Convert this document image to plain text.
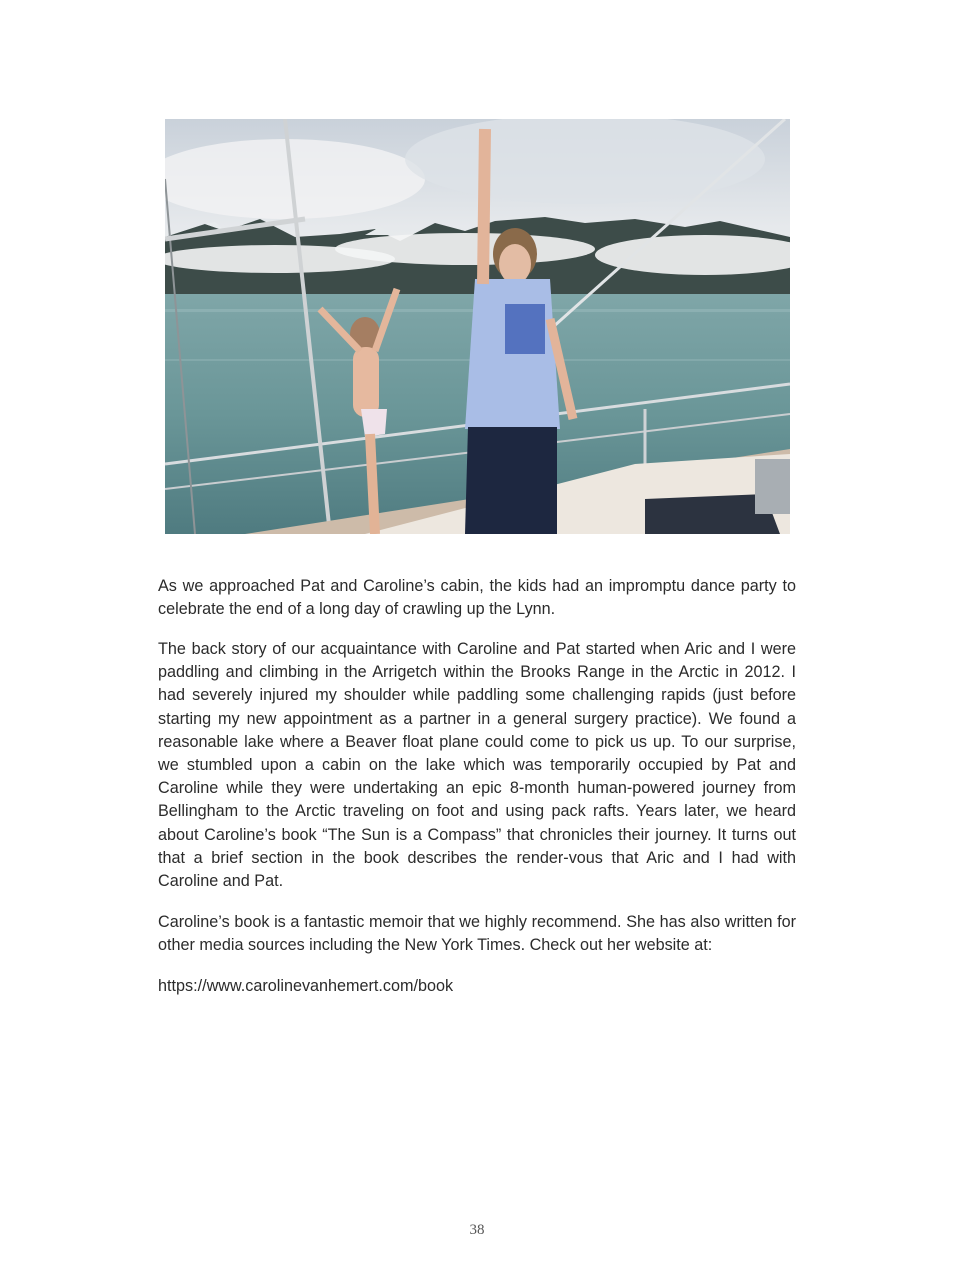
As we approached Pat and Caroline’s cabin, the kids had an impromptu dance party to celebrate the end of a long day of crawling up the Lynn.
The back story of our acquaintance with Caroline and Pat started when Aric and I were paddling and climbing in the Arrigetch within the Brooks Range in the Arctic in 2012. I had severely injured my shoulder while paddling some challenging rapids (just before starting my new appointment as a partner in a general surgery practice). We found a reasonable lake where a Beaver float plane could come to pick us up. To our surprise, we stumbled upon a cabin on the lake which was temporarily occupied by Pat and Caroline while they were undertaking an epic 8-month human-powered journey from Bellingham to the Arctic traveling on foot and using pack rafts. Years later, we heard about Caroline’s book “The Sun is a Compass” that chronicles their journey. It turns out that a brief section in the book describes the render-vous that Aric and I had with Caroline and Pat.
Caroline’s book is a fantastic memoir that we highly recommend. She has also written for other media sources including the New York Times. Check out her website at:
https://www.carolinevanhemert.com/book
38
